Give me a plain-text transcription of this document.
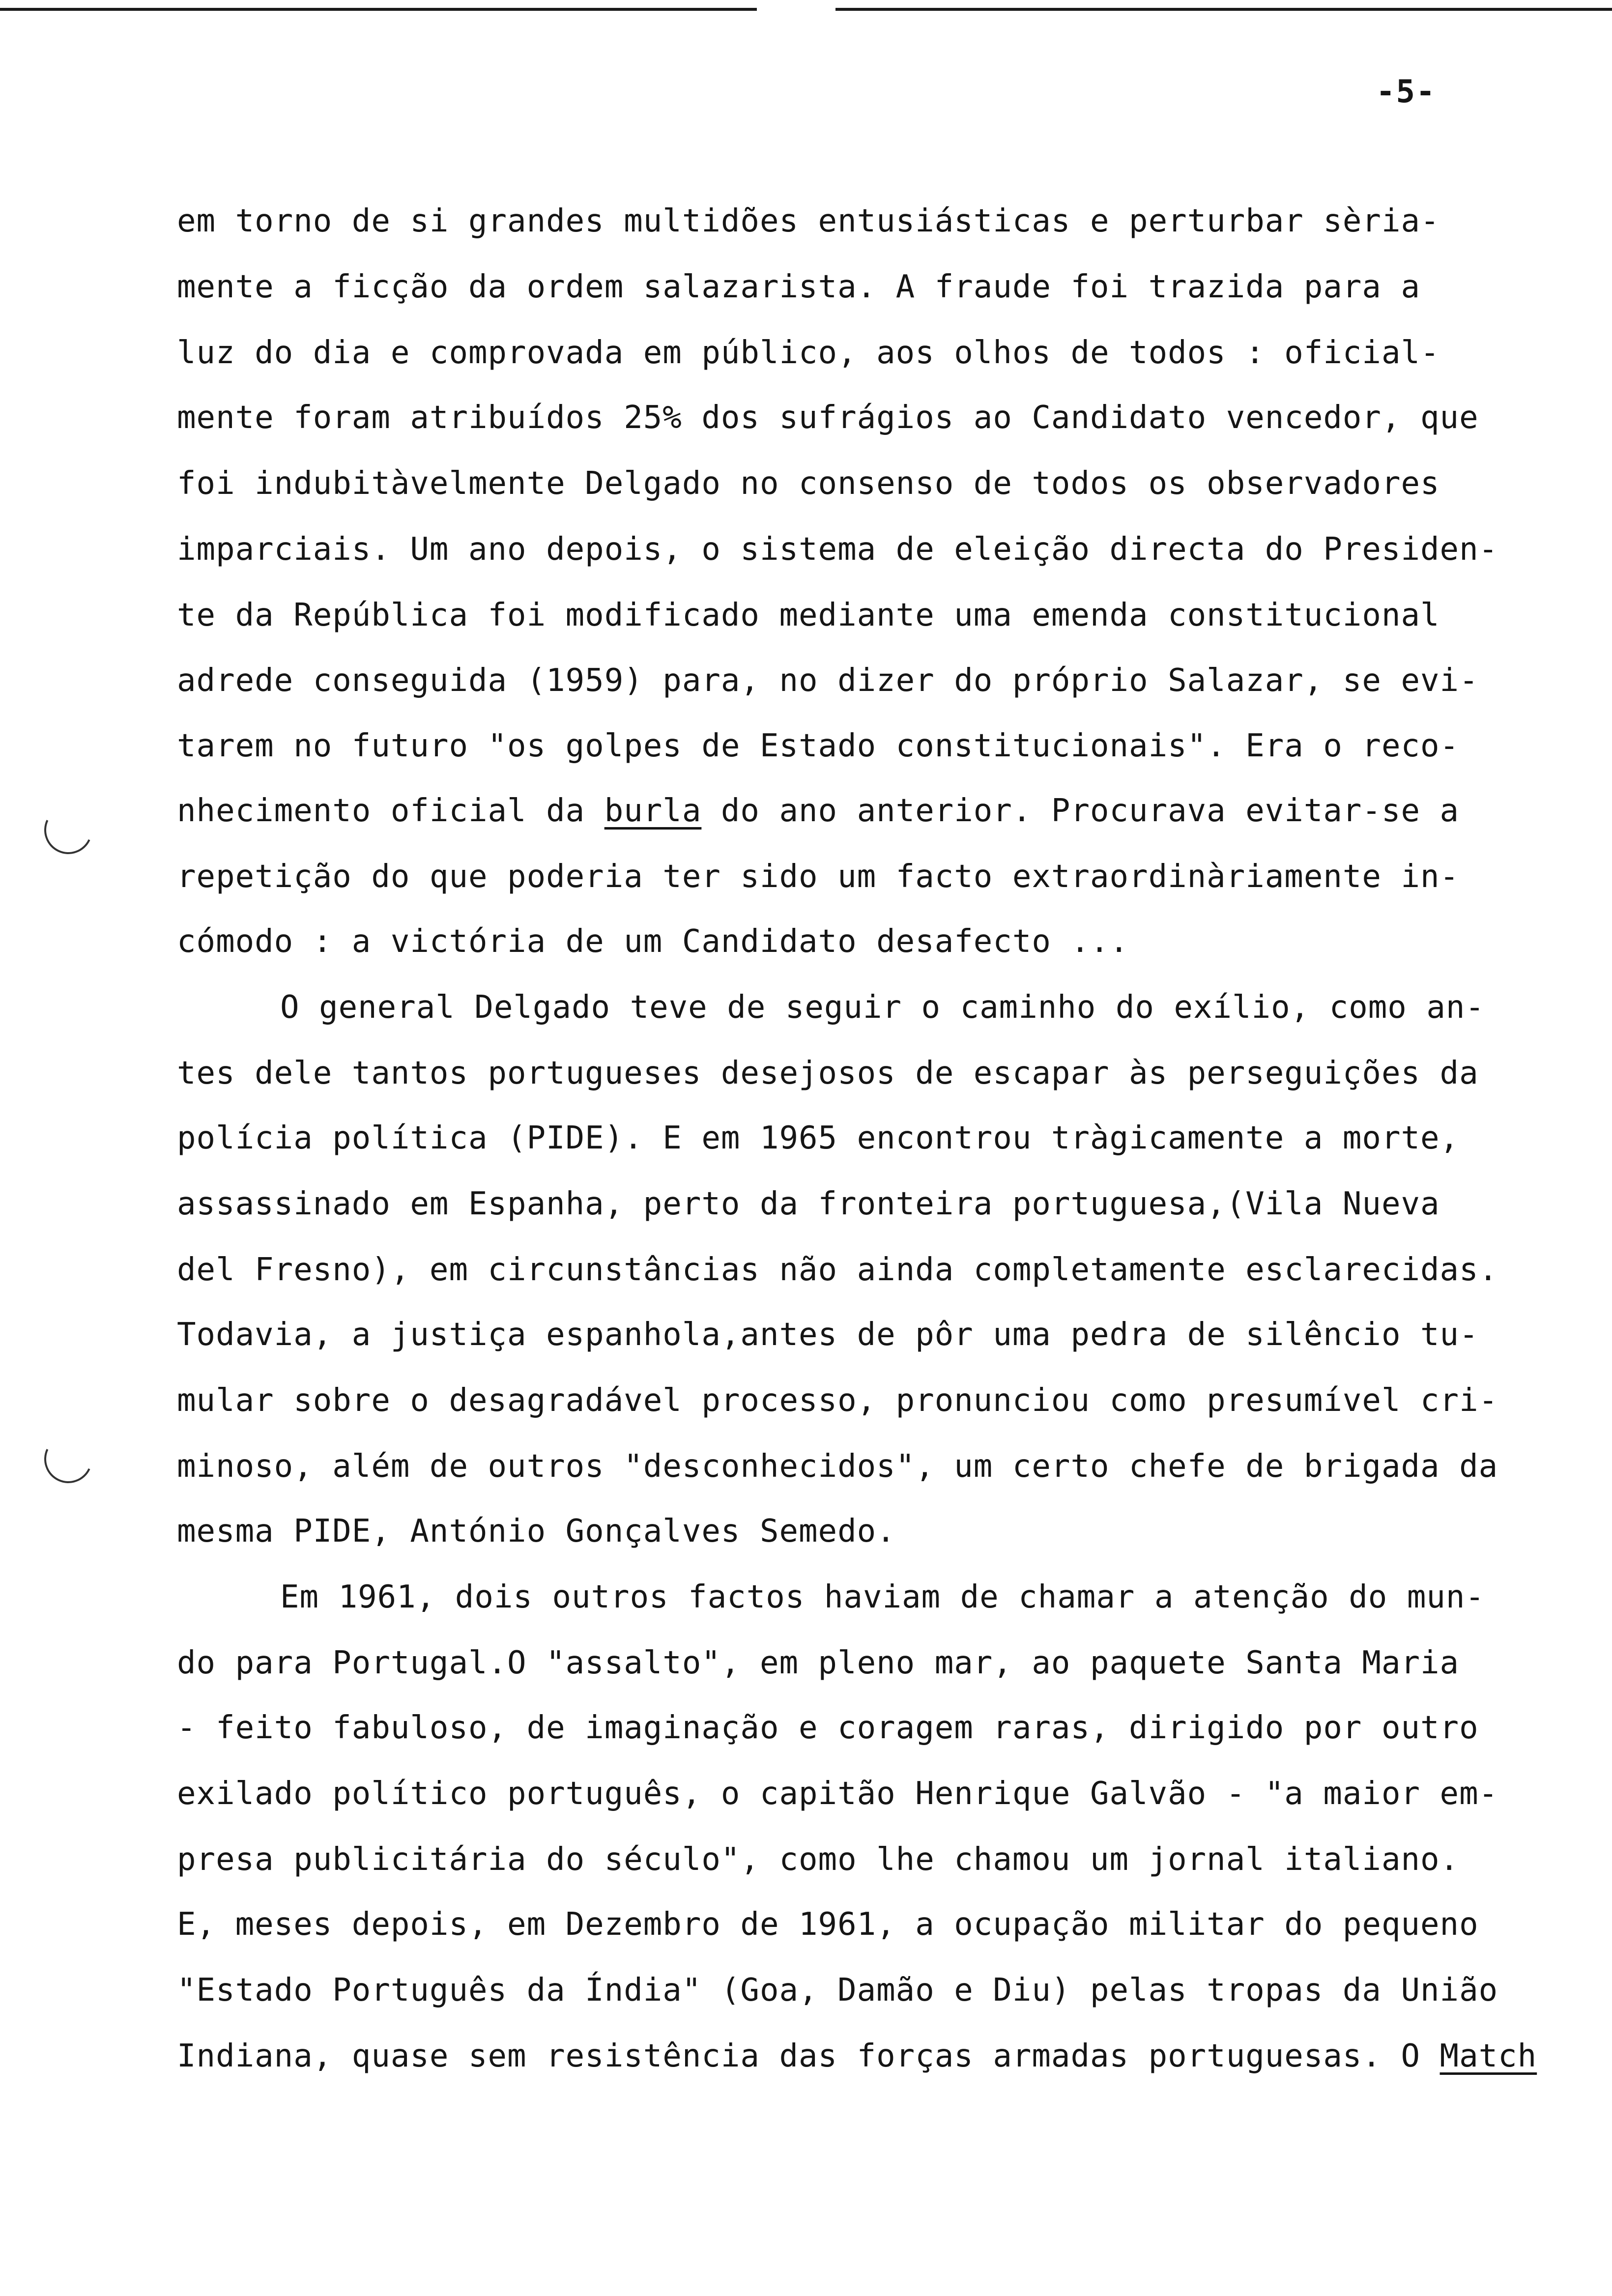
-5-
em torno de si grandes multidões entusiásticas e perturbar sèria-
mente a ficção da ordem salazarista. A fraude foi trazida para a
luz do dia e comprovada em público, aos olhos de todos : oficial-
mente foram atribuídos 25% dos sufrágios ao Candidato vencedor, que
foi indubitàvelmente Delgado no consenso de todos os observadores
imparciais. Um ano depois, o sistema de eleição directa do Presiden-
te da República foi modificado mediante uma emenda constitucional
adrede conseguida (1959) para, no dizer do próprio Salazar, se evi-
tarem no futuro "os golpes de Estado constitucionais". Era o reco-
nhecimento oficial da burla do ano anterior. Procurava evitar-se a
repetição do que poderia ter sido um facto extraordinàriamente in-
cómodo : a victória de um Candidato desafecto ...
O general Delgado teve de seguir o caminho do exílio, como an-
tes dele tantos portugueses desejosos de escapar às perseguições da
polícia política (PIDE). E em 1965 encontrou tràgicamente a morte,
assassinado em Espanha, perto da fronteira portuguesa,(Vila Nueva
del Fresno), em circunstâncias não ainda completamente esclarecidas.
Todavia, a justiça espanhola,antes de pôr uma pedra de silêncio tu-
mular sobre o desagradável processo, pronunciou como presumível cri-
minoso, além de outros "desconhecidos", um certo chefe de brigada da
mesma PIDE, António Gonçalves Semedo.
Em 1961, dois outros factos haviam de chamar a atenção do mun-
do para Portugal.O "assalto", em pleno mar, ao paquete Santa Maria
- feito fabuloso, de imaginação e coragem raras, dirigido por outro
exilado político português, o capitão Henrique Galvão - "a maior em-
presa publicitária do século", como lhe chamou um jornal italiano.
E, meses depois, em Dezembro de 1961, a ocupação militar do pequeno
"Estado Português da Índia" (Goa, Damão e Diu) pelas tropas da União
Indiana, quase sem resistência das forças armadas portuguesas. O Match
